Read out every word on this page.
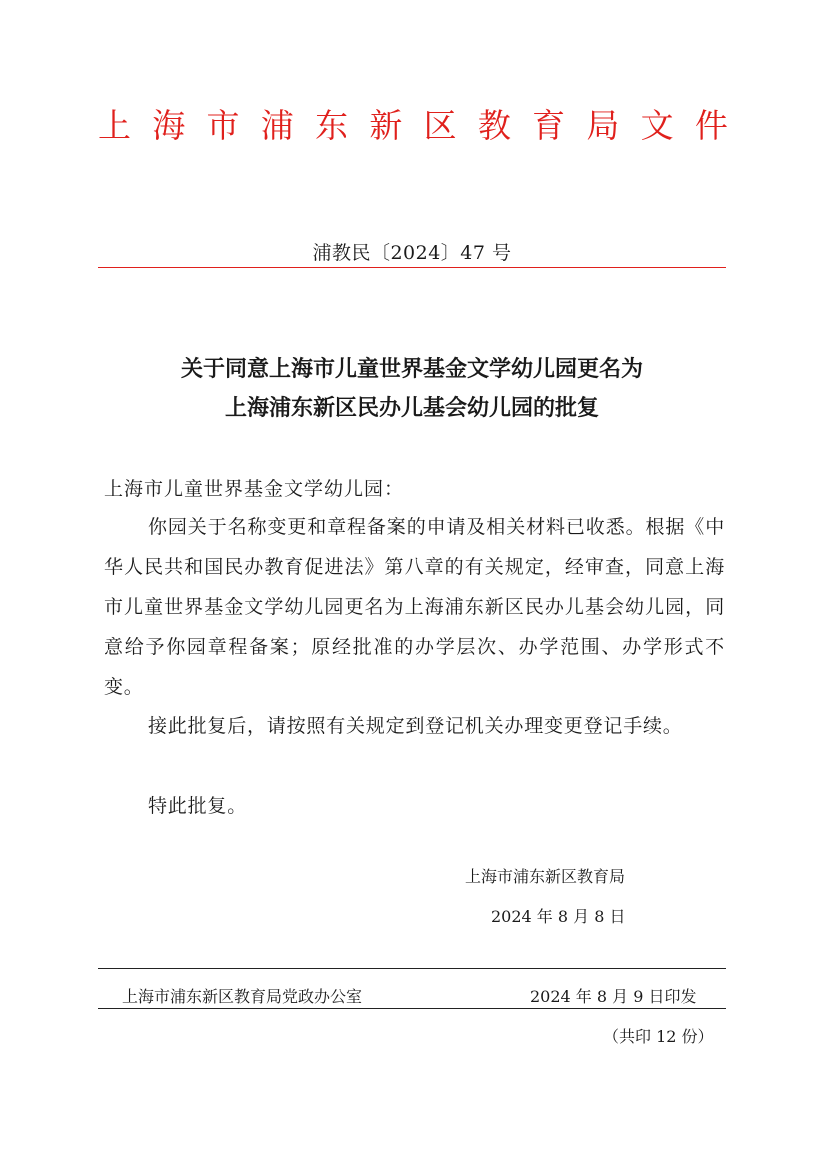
上 海 市 浦 东 新 区 教 育 局 文 件
浦教民〔2024〕47 号
关于同意上海市儿童世界基金文学幼儿园更名为
上海浦东新区民办儿基会幼儿园的批复
上海市儿童世界基金文学幼儿园：
你园关于名称变更和章程备案的申请及相关材料已收悉。根据《中华人民共和国民办教育促进法》第八章的有关规定，经审查，同意上海市儿童世界基金文学幼儿园更名为上海浦东新区民办儿基会幼儿园，同意给予你园章程备案；原经批准的办学层次、办学范围、办学形式不变。
接此批复后，请按照有关规定到登记机关办理变更登记手续。
特此批复。
上海市浦东新区教育局
2024 年 8 月 8 日
上海市浦东新区教育局党政办公室	2024 年 8 月 9 日印发
（共印 12 份）
